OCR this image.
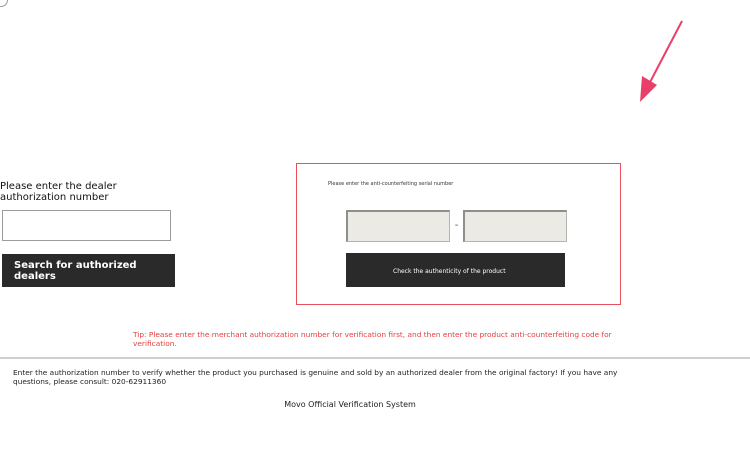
Please enter the dealer authorization number
Search for authorized dealers
Please enter the anti-counterfeiting serial number
-
Check the authenticity of the product
Tip: Please enter the merchant authorization number for verification first, and then enter the product anti-counterfeiting code for verification.
Enter the authorization number to verify whether the product you purchased is genuine and sold by an authorized dealer from the original factory! If you have any questions, please consult: 020-62911360
Movo Official Verification System
